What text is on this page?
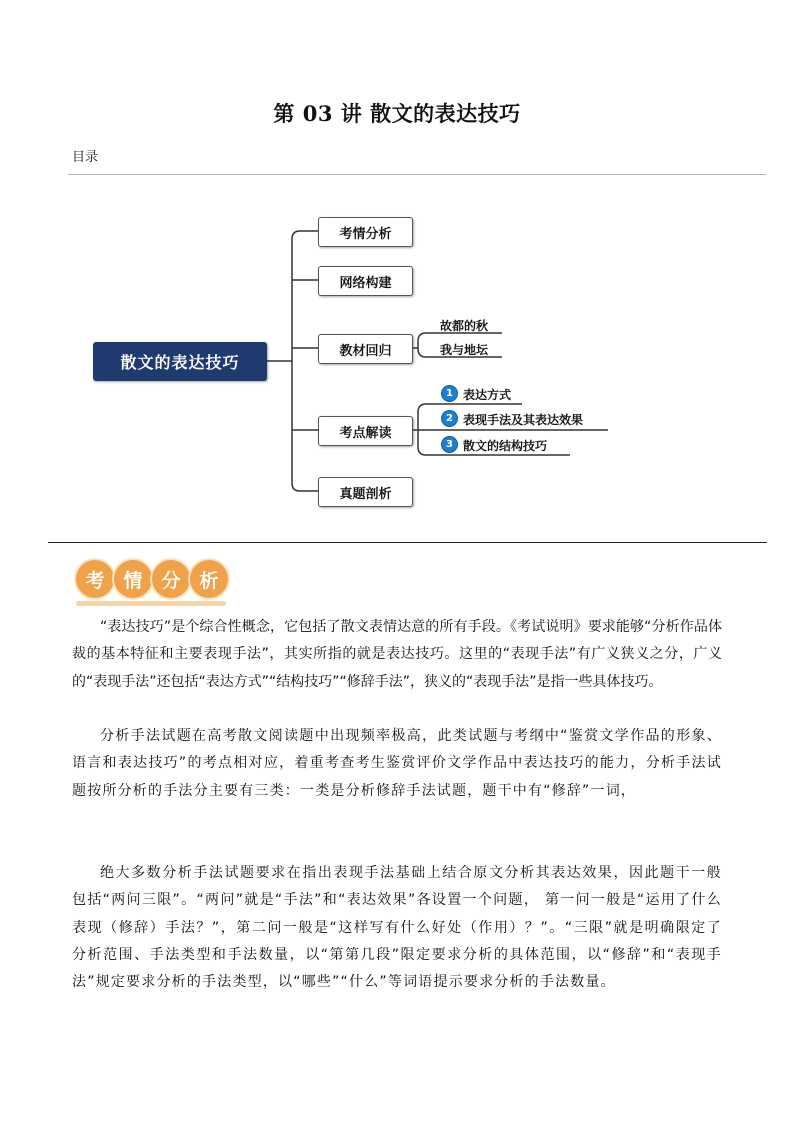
第 03 讲 散文的表达技巧
目录
散文的表达技巧
考情分析
网络构建
教材回归
考点解读
真题剖析
故都的秋
我与地坛
1 表达方式
2 表现手法及其表达效果
3 散文的结构技巧
考 情 分 析

“表达技巧”是个综合性概念，它包括了散文表情达意的所有手段。《考试说明》要求能够“分析作品体裁的基本特征和主要表现手法”，其实所指的就是表达技巧。这里的“表现手法”有广义狭义之分，广义的“表现手法”还包括“表达方式”“结构技巧”“修辞手法”，狭义的“表现手法”是指一些具体技巧。

分析手法试题在高考散文阅读题中出现频率极高，此类试题与考纲中“鉴赏文学作品的形象、语言和表达技巧”的考点相对应，着重考查考生鉴赏评价文学作品中表达技巧的能力，分析手法试题按所分析的手法分主要有三类：一类是分析修辞手法试题，题干中有“修辞”一词，

绝大多数分析手法试题要求在指出表现手法基础上结合原文分析其表达效果，因此题干一般包括“两问三限”。“两问”就是“手法”和“表达效果”各设置一个问题， 第一问一般是“运用了什么表现（修辞）手法？”，第二问一般是“这样写有什么好处（作用）？”。“三限”就是明确限定了分析范围、手法类型和手法数量，以“第第几段”限定要求分析的具体范围，以“修辞”和“表现手法”规定要求分析的手法类型，以“哪些”“什么”等词语提示要求分析的手法数量。
